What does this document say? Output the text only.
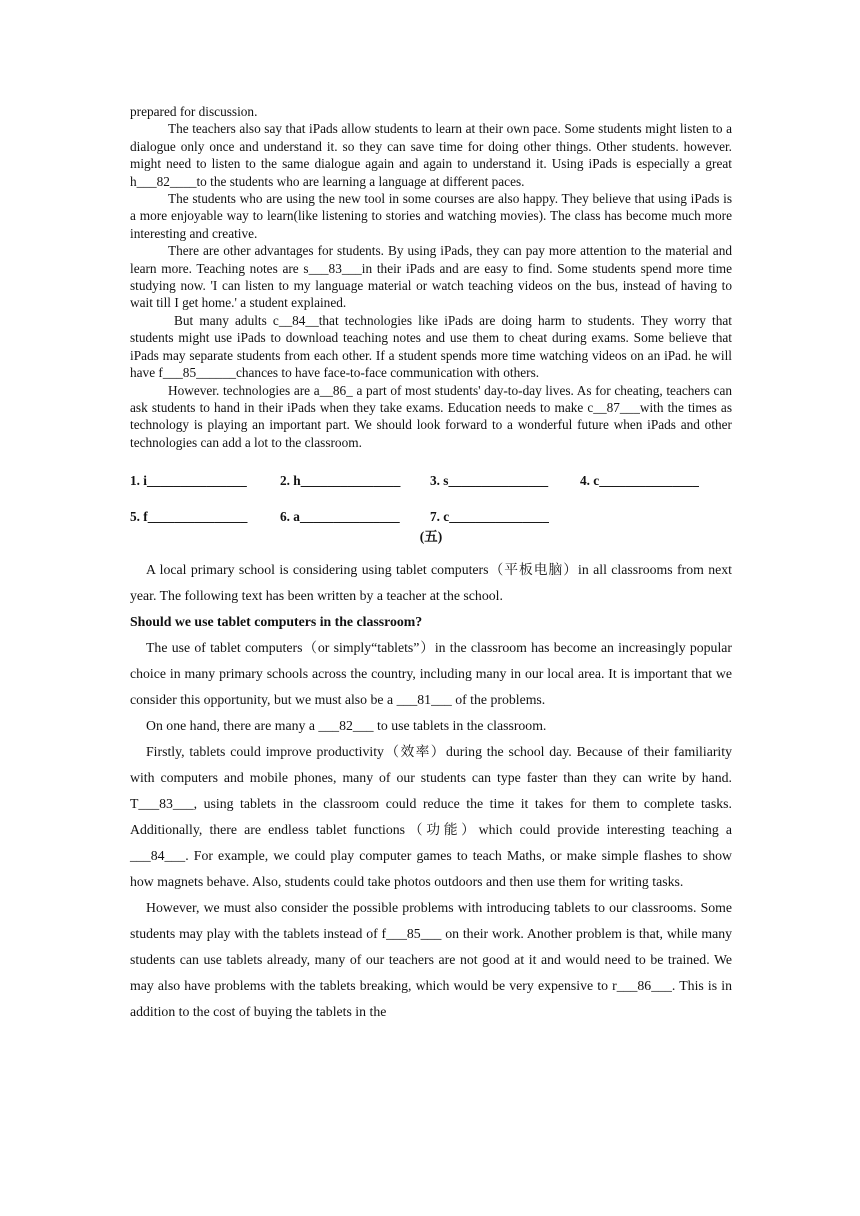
prepared for discussion.

The teachers also say that iPads allow students to learn at their own pace. Some students might listen to a dialogue only once and understand it. so they can save time for doing other things. Other students. however. might need to listen to the same dialogue again and again to understand it. Using iPads is especially a great h___82____to the students who are learning a language at different paces.

The students who are using the new tool in some courses are also happy. They believe that using iPads is a more enjoyable way to learn(like listening to stories and watching movies). The class has become much more interesting and creative.

There are other advantages for students. By using iPads, they can pay more attention to the material and learn more. Teaching notes are s___83___in their iPads and are easy to find. Some students spend more time studying now. 'I can listen to my language material or watch teaching videos on the bus, instead of having to wait till I get home.' a student explained.

But many adults c__84__that technologies like iPads are doing harm to students. They worry that students might use iPads to download teaching notes and use them to cheat during exams. Some believe that iPads may separate students from each other. If a student spends more time watching videos on an iPad. he will have f___85______chances to have face-to-face communication with others.

However. technologies are a__86_ a part of most students' day-to-day lives. As for cheating, teachers can ask students to hand in their iPads when they take exams. Education needs to make c__87___with the times as technology is playing an important part. We should look forward to a wonderful future when iPads and other technologies can add a lot to the classroom.

1. i_______________	2. h_______________	3. s_______________	4. c_______________
5. f_______________	6. a_______________	7. c_______________
(五)

A local primary school is considering using tablet computers（平板电脑）in all classrooms from next year. The following text has been written by a teacher at the school.

Should we use tablet computers in the classroom?

The use of tablet computers（or simply“tablets”）in the classroom has become an increasingly popular choice in many primary schools across the country, including many in our local area. It is important that we consider this opportunity, but we must also be a ___81___ of the problems.

On one hand, there are many a ___82___ to use tablets in the classroom.

Firstly, tablets could improve productivity（效率）during the school day. Because of their familiarity with computers and mobile phones, many of our students can type faster than they can write by hand. T___83___, using tablets in the classroom could reduce the time it takes for them to complete tasks. Additionally, there are endless tablet functions（功能）which could provide interesting teaching a ___84___. For example, we could play computer games to teach Maths, or make simple flashes to show how magnets behave. Also, students could take photos outdoors and then use them for writing tasks.

However, we must also consider the possible problems with introducing tablets to our classrooms. Some students may play with the tablets instead of f___85___ on their work. Another problem is that, while many students can use tablets already, many of our teachers are not good at it and would need to be trained. We may also have problems with the tablets breaking, which would be very expensive to r___86___. This is in addition to the cost of buying the tablets in the
